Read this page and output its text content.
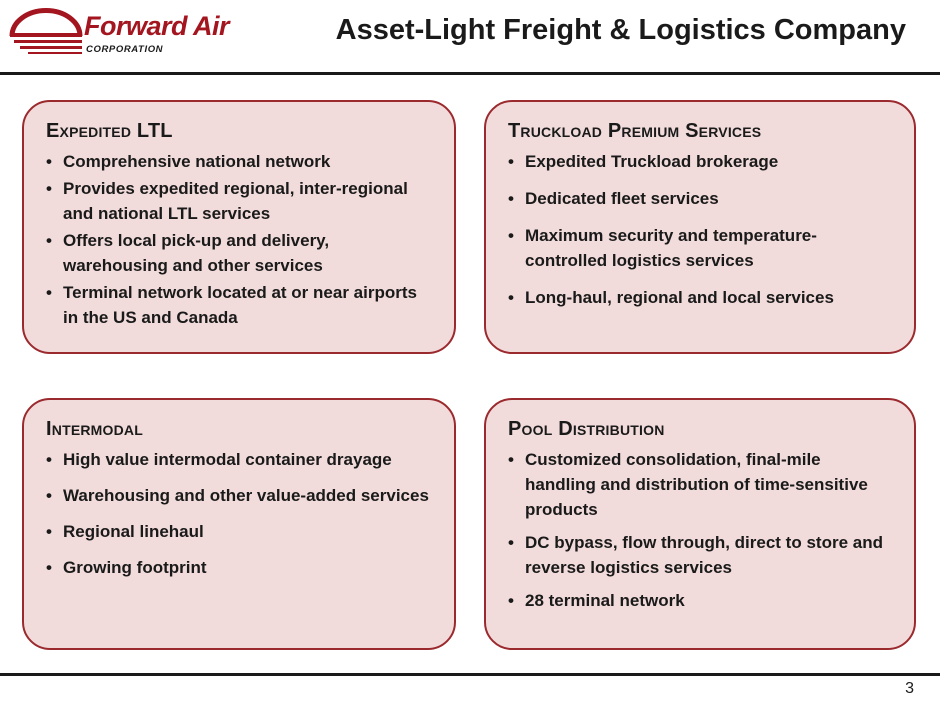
Forward Air
CORPORATION
Asset-Light Freight & Logistics Company
Expedited LTL
• Comprehensive national network
• Provides expedited regional, inter-regional and national LTL services
• Offers local pick-up and delivery, warehousing and other services
• Terminal network located at or near airports in the US and Canada
Truckload Premium Services
• Expedited Truckload brokerage
• Dedicated fleet services
• Maximum security and temperature-controlled logistics services
• Long-haul, regional and local services
Intermodal
• High value intermodal container drayage
• Warehousing and other value-added services
• Regional linehaul
• Growing footprint
Pool Distribution
• Customized consolidation, final-mile handling and distribution of time-sensitive products
• DC bypass, flow through, direct to store and reverse logistics services
• 28 terminal network
3
